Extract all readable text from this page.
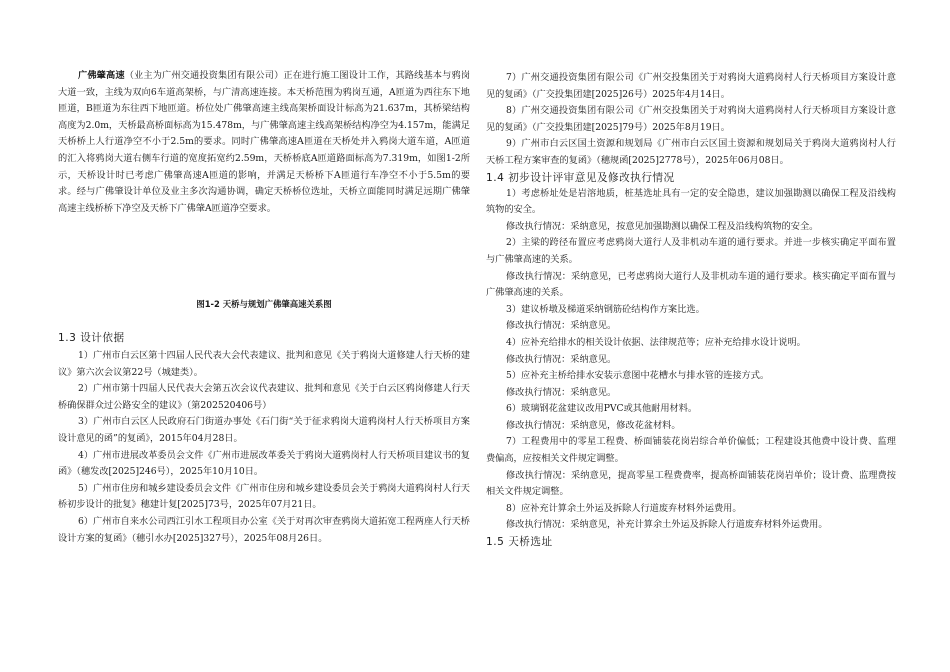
广佛肇高速（业主为广州交通投资集团有限公司）正在进行施工图设计工作，其路线基本与鸦岗大道一致，主线为双向6车道高架桥，与广清高速连接。本天桥范围为鸦岗互通，A匝道为西往东下地匝道，B匝道为东往西下地匝道。桥位处广佛肇高速主线高架桥面设计标高为21.637m，其桥梁结构高度为2.0m，天桥最高桥面标高为15.478m，与广佛肇高速主线高架桥结构净空为4.157m，能满足天桥桥上人行道净空不小于2.5m的要求。同时广佛肇高速A匝道在天桥处并入鸦岗大道车道，A匝道的汇入将鸦岗大道右侧车行道的宽度拓宽约2.59m，天桥桥底A匝道路面标高为7.319m，如图1-2所示，天桥设计时已考虑广佛肇高速A匝道的影响，并满足天桥桥下A匝道行车净空不小于5.5m的要求。经与广佛肇设计单位及业主多次沟通协调，确定天桥桥位选址，天桥立面能同时满足远期广佛肇高速主线桥桥下净空及天桥下广佛肇A匝道净空要求。

图1-2 天桥与规划广佛肇高速关系图
1.3 设计依据

1）广州市白云区第十四届人民代表大会代表建议、批判和意见《关于鸦岗大道修建人行天桥的建议》第六次会议第22号（城建类）。

2）广州市第十四届人民代表大会第五次会议代表建议、批判和意见《关于白云区鸦岗修建人行天桥确保群众过公路安全的建议》（第20252040​6号）

3）广州市白云区人民政府石门街道办事处《石门街“关于征求鸦岗大道鸦岗村人行天桥项目方案设计意见的函”的复函》，2015年04月28日。

4）广州市进展改革委员会文件《广州市进展改革委关于鸦岗大道鸦岗村人行天桥项目建议书的复函》（穗发改[2025]246号），2025年10月10日。

5）广州市住房和城乡建设委员会文件《广州市住房和城乡建设委员会关于鸦岗大道鸦岗村人行天桥初步设计的批复》穗建计复[2025]73号，2025年07月21日。

6）广州市自来水公司西江引水工程项目办公室《关于对再次审查鸦岗大道拓宽工程两座人行天桥设计方案的复函》（穗引水办[2025]327号），2025年08月26日。

7）广州交通投资集团有限公司《广州交投集团关于对鸦岗大道鸦岗村人行天桥项目方案设计意见的复函》（广交投集团建[2025]26号）2025年4月14日。

8）广州交通投资集团有限公司《广州交投集团关于对鸦岗大道鸦岗村人行天桥项目方案设计意见的复函》（广交投集团建[2025]79号）2025年8月19日。

9）广州市白云区国土资源和规划局《广州市白云区国土资源和规划局关于鸦岗大道鸦岗村人行天桥工程方案审查的复函》（穗规函[2025]2778号），2025年06月08日。

1.4 初步设计评审意见及修改执行情况

1）考虑桥址处是岩溶地质，桩基选址具有一定的安全隐患，建议加强勘测以确保工程及沿线构筑物的安全。

修改执行情况：采纳意见，按意见加强勘测以确保工程及沿线构筑物的安全。

2）主梁的跨径布置应考虑鸦岗大道行人及非机动车道的通行要求。并进一步核实确定平面布置与广佛肇高速的关系。

修改执行情况：采纳意见，已考虑鸦岗大道行人及非机动车道的通行要求。核实确定平面布置与广佛肇高速的关系。

3）建议桥墩及梯道采纳钢筋砼结构作方案比选。

修改执行情况：采纳意见。

4）应补充给排水的相关设计依据、法律规范等；应补充给排水设计说明。

修改执行情况：采纳意见。

5）应补充主桥给排水安装示意图中花槽水与排水管的连接方式。

修改执行情况：采纳意见。

6）玻璃钢花盆建议改用PVC或其他耐用材料。

修改执行情况：采纳意见，修改花盆材料。

7）工程费用中的零星工程费、桥面铺装花岗岩综合单价偏低；工程建设其他费中设计费、监理费偏高，应按相关文件规定调整。

修改执行情况：采纳意见，提高零星工程费费率，提高桥面铺装花岗岩单价；设计费、监理费按相关文件规定调整。

8）应补充计算余土外运及拆除人行道废弃材料外运费用。

修改执行情况：采纳意见，补充计算余土外运及拆除人行道废弃材料外运费用。

1.5 天桥选址
